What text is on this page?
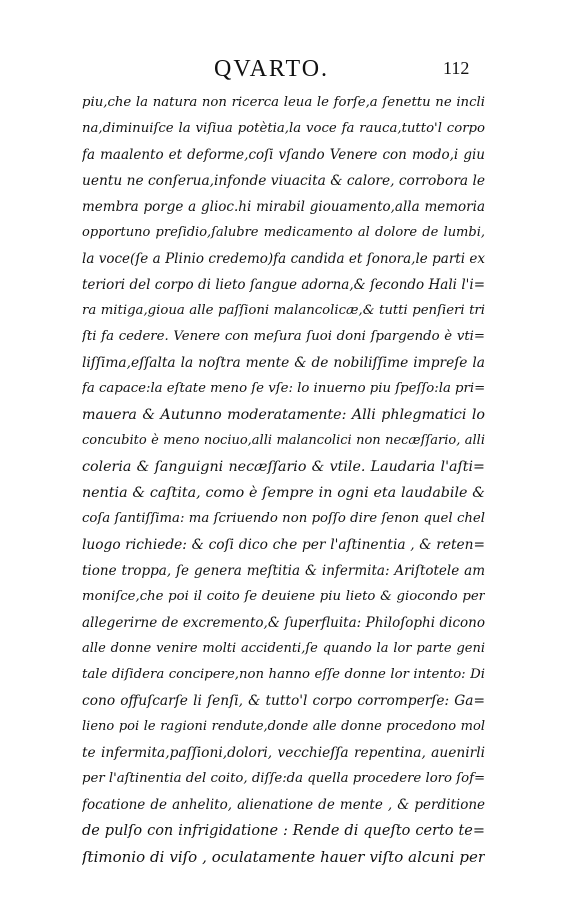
QVARTO.	112
piu,che la natura non ricerca leua le forſe,a ſenettu ne incli
na,diminuiſce la viſiua potètia,la voce fa rauca,tutto'l corpo
fa maalento et deforme,coſi vſando Venere con modo,i giu
uentu ne conſerua,infonde viuacita & calore, corrobora le
membra porge a glioc.hi mirabil giouamento,alla memoria
opportuno preſidio,ſalubre medicamento al dolore de lumbi,
la voce(ſe a Plinio credemo)fa candida et ſonora,le parti ex
teriori del corpo di lieto ſangue adorna,& ſecondo Hali l'i=
ra mitiga,gioua alle paſſioni malancolicæ,& tutti penſieri tri
ſti fa cedere. Venere con meſura ſuoi doni ſpargendo è vti=
liſſima,eſſalta la noſtra mente & de nobiliſſime impreſe la
fa capace:la eſtate meno ſe vſe: lo inuerno piu ſpeſſo:la pri=
mauera & Autunno moderatamente: Alli phlegmatici lo
concubito è meno nociuo,alli malancolici non necæſſario, alli
coleria & ſanguigni necæſſario & vtile. Laudaria l'aſti=
nentia & caſtita, como è ſempre in ogni eta laudabile &
coſa ſantiſſima: ma ſcriuendo non poſſo dire ſenon quel chel
luogo richiede: & coſi dico che per l'aſtinentia , & reten=
tione troppa, ſe genera meſtitia & infermita: Ariſtotele am
moniſce,che poi il coito ſe deuiene piu lieto & giocondo per
allegerirne de excremento,& ſuperfluita: Philoſophi dicono
alle donne venire molti accidenti,ſe quando la lor parte geni
tale diſidera concipere,non hanno eſſe donne lor intento: Di
cono offuſcarſe li ſenſi, & tutto'l corpo corromperſe: Ga=
lieno poi le ragioni rendute,donde alle donne procedono mol
te infermita,paſſioni,dolori, vecchieſſa repentina, auenirli
per l'aſtinentia del coito, diſſe:da quella procedere loro ſof=
focatione de anhelito, alienatione de mente , & perditione
de pulſo con infrigidatione : Rende di queſto certo te=
ſtimonio di viſo , oculatamente hauer viſto alcuni per
